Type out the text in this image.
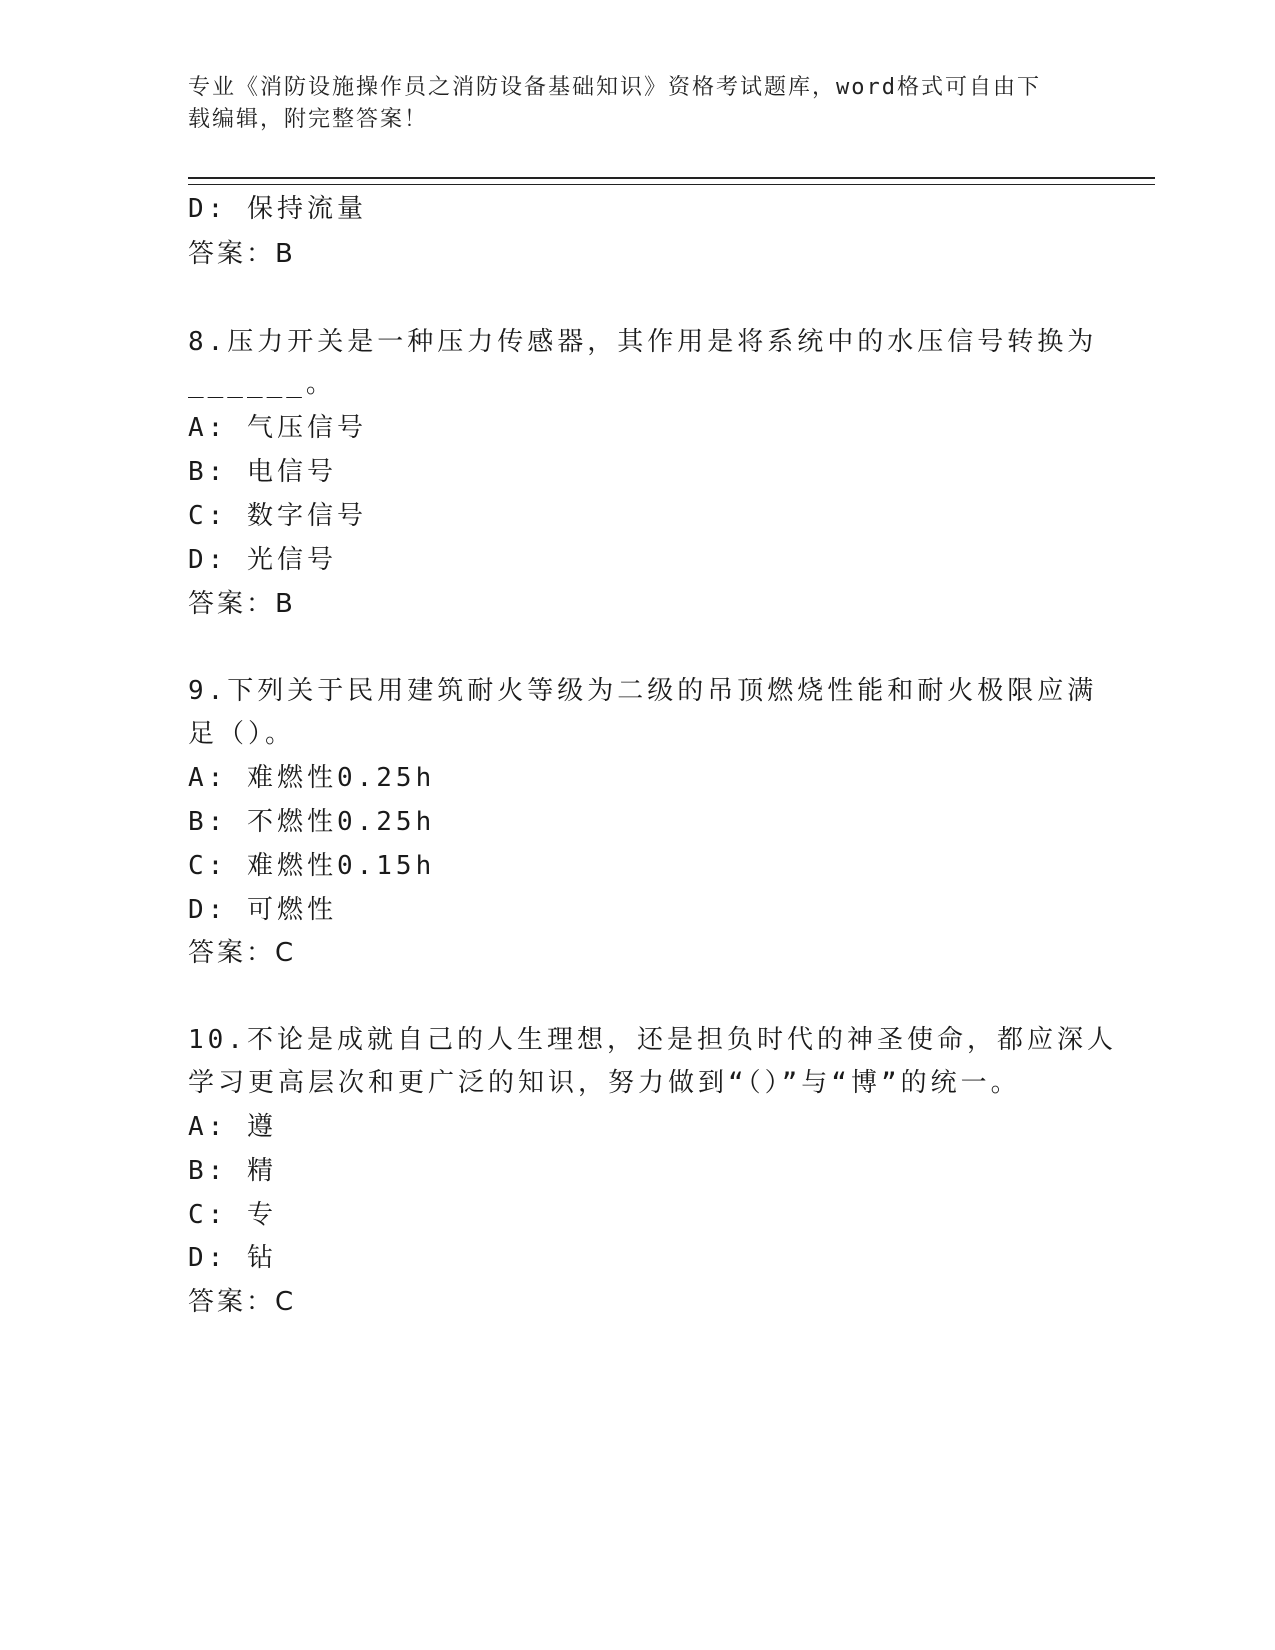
专业《消防设施操作员之消防设备基础知识》资格考试题库，word格式可自由下
载编辑，附完整答案！
D: 保持流量
答案：B
8.压力开关是一种压力传感器，其作用是将系统中的水压信号转换为
______。
A: 气压信号
B: 电信号
C: 数字信号
D: 光信号
答案：B
9.下列关于民用建筑耐火等级为二级的吊顶燃烧性能和耐火极限应满
足（）。
A: 难燃性0.25h
B: 不燃性0.25h
C: 难燃性0.15h
D: 可燃性
答案：C
10.不论是成就自己的人生理想，还是担负时代的神圣使命，都应深人
学习更高层次和更广泛的知识，努力做到“（）”与“博”的统一。
A: 遵
B: 精
C: 专
D: 钻
答案：C
